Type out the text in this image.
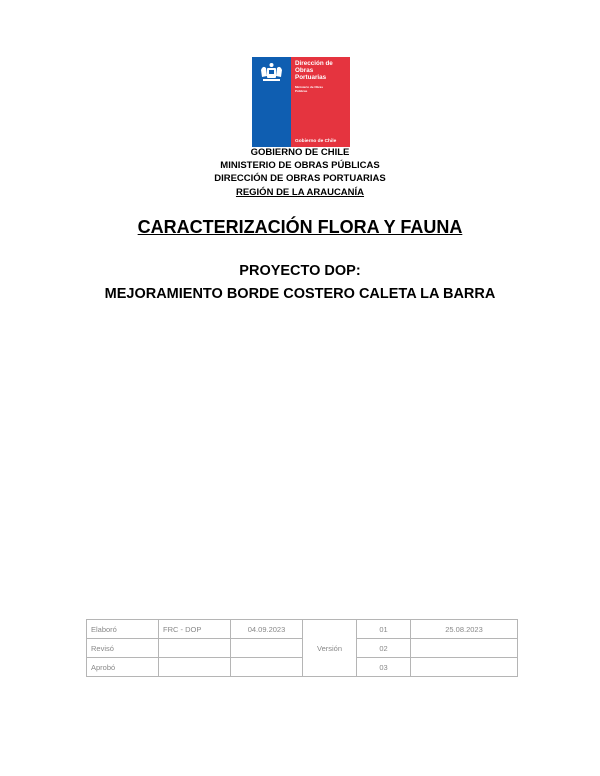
Dirección de
Obras
Portuarias
Ministerio de Obras
Públicas
Gobierno de Chile
GOBIERNO DE CHILE
MINISTERIO DE OBRAS PÚBLICAS
DIRECCIÓN DE OBRAS PORTUARIAS
REGIÓN DE LA ARAUCANÍA
CARACTERIZACIÓN FLORA Y FAUNA
PROYECTO DOP:
MEJORAMIENTO BORDE COSTERO CALETA LA BARRA
Elaboró	FRC - DOP	04.09.2023	Versión	01	25.08.2023
Revisó				02	
Aprobó				03	
